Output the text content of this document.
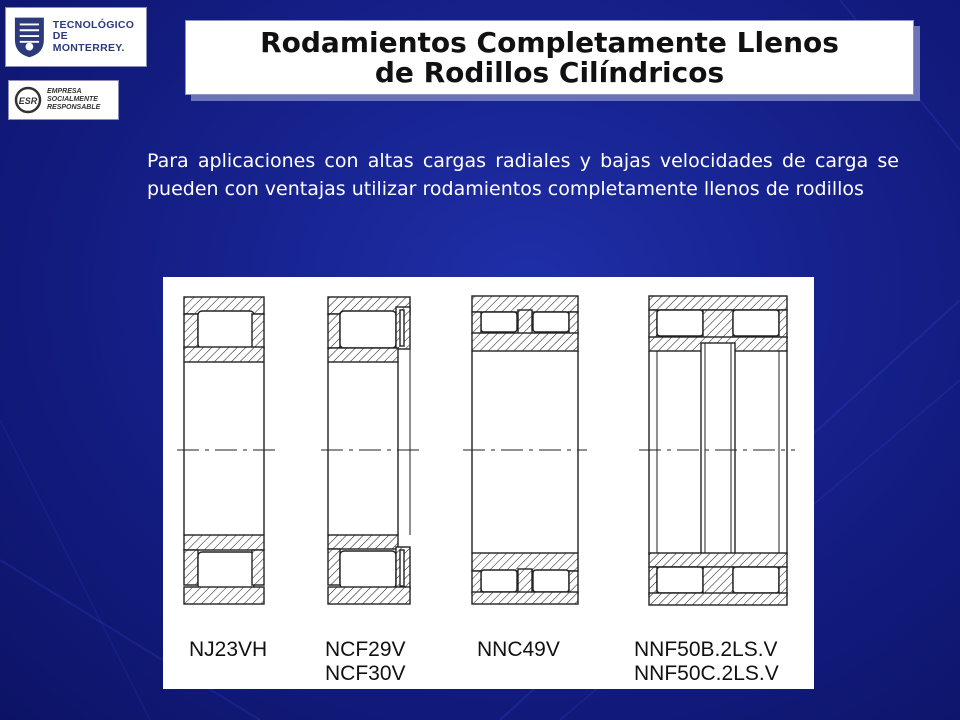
TECNOLÓGICO
DE MONTERREY.
ESR
EMPRESA
SOCIALMENTE
RESPONSABLE
Rodamientos Completamente Llenos
de Rodillos Cilíndricos

Para aplicaciones con altas cargas radiales y bajas velocidades de carga se pueden con ventajas utilizar rodamientos completamente llenos de rodillos

NJ23VH	NCF29V
NCF30V
NNC49V	NNF50B.2LS.V
NNF50C.2LS.V
